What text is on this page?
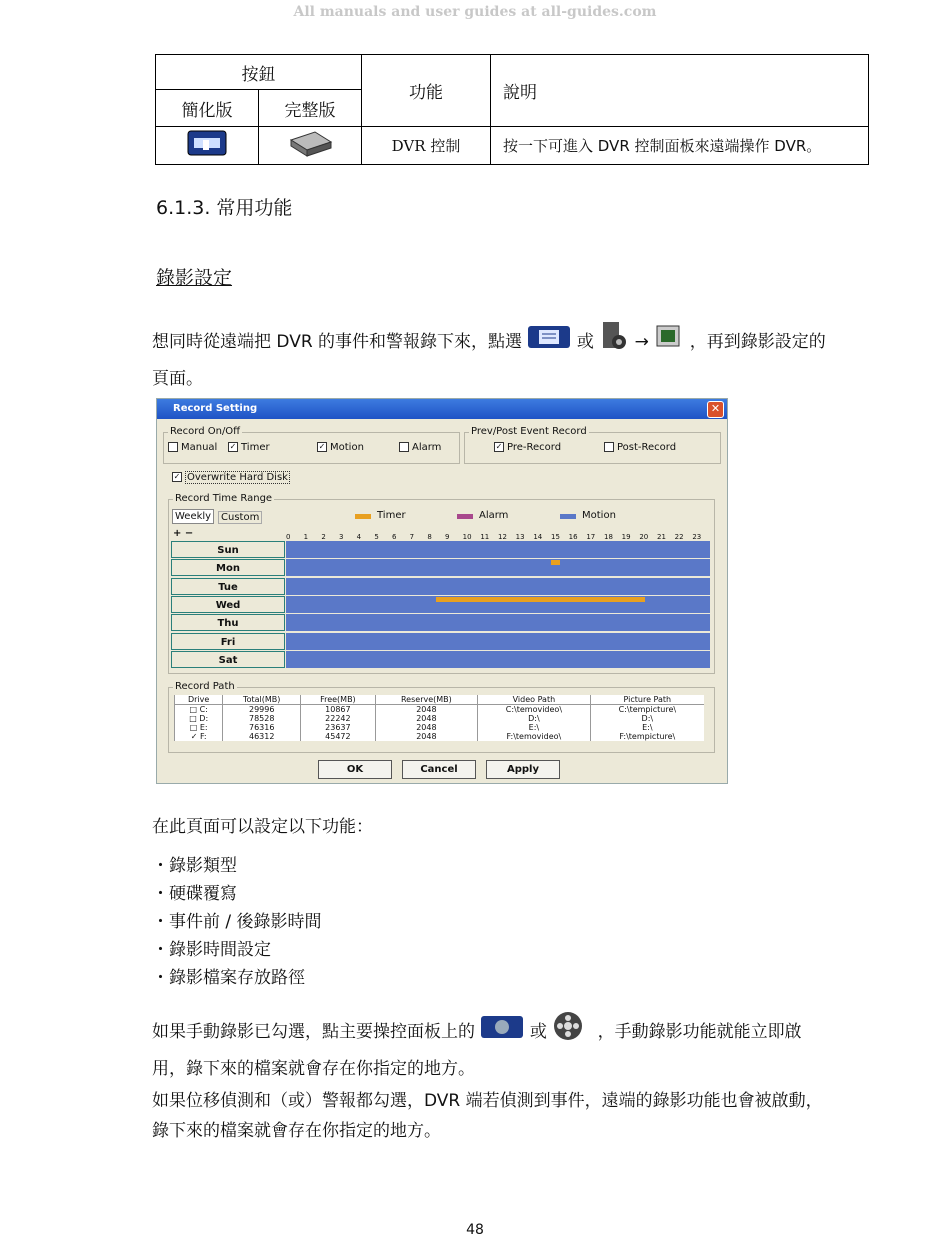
All manuals and user guides at all-guides.com
按鈕		功能	說明
簡化版	完整版		
		DVR 控制	按一下可進入 DVR 控制面板來遠端操作 DVR。
6.1.3. 常用功能
錄影設定
想同時從遠端把 DVR 的事件和警報錄下來，點選	或 → ，再到錄影設定的
頁面。
Record Setting	✕
Record On/Off
Manual ✓ Timer	✓ Motion	Alarm
Prev/Post Event Record
✓ Pre-Record	Post-Record
✓ Overwrite Hard Disk
Record Time Range
Weekly Custom	Timer	Alarm	Motion
+ −	0 1 2 3 4 5 6 7 8 9 10 11 12 13 14 15 16 17 18 19 20 21 22 23
Sun
Mon
Tue
Wed
Thu
Fri
Sat
Record Path
Drive	Total(MB)	Free(MB)	Reserve(MB)	Video Path	Picture Path
□ C:	29996	10867	2048	C:\temovideo\	C:\tempicture\
□ D:	78528	22242	2048	D:\	D:\
□ E:	76316	23637	2048	E:\	E:\
✓ F:	46312	45472	2048	F:\temovideo\	F:\tempicture\
OK	Cancel	Apply
在此頁面可以設定以下功能：
・錄影類型
・硬碟覆寫
・事件前 / 後錄影時間
・錄影時間設定
・錄影檔案存放路徑
如果手動錄影已勾選，點主要操控面板上的	或	，手動錄影功能就能立即啟
用，錄下來的檔案就會存在你指定的地方。
如果位移偵測和（或）警報都勾選，DVR 端若偵測到事件，遠端的錄影功能也會被啟動，
錄下來的檔案就會存在你指定的地方。
48
